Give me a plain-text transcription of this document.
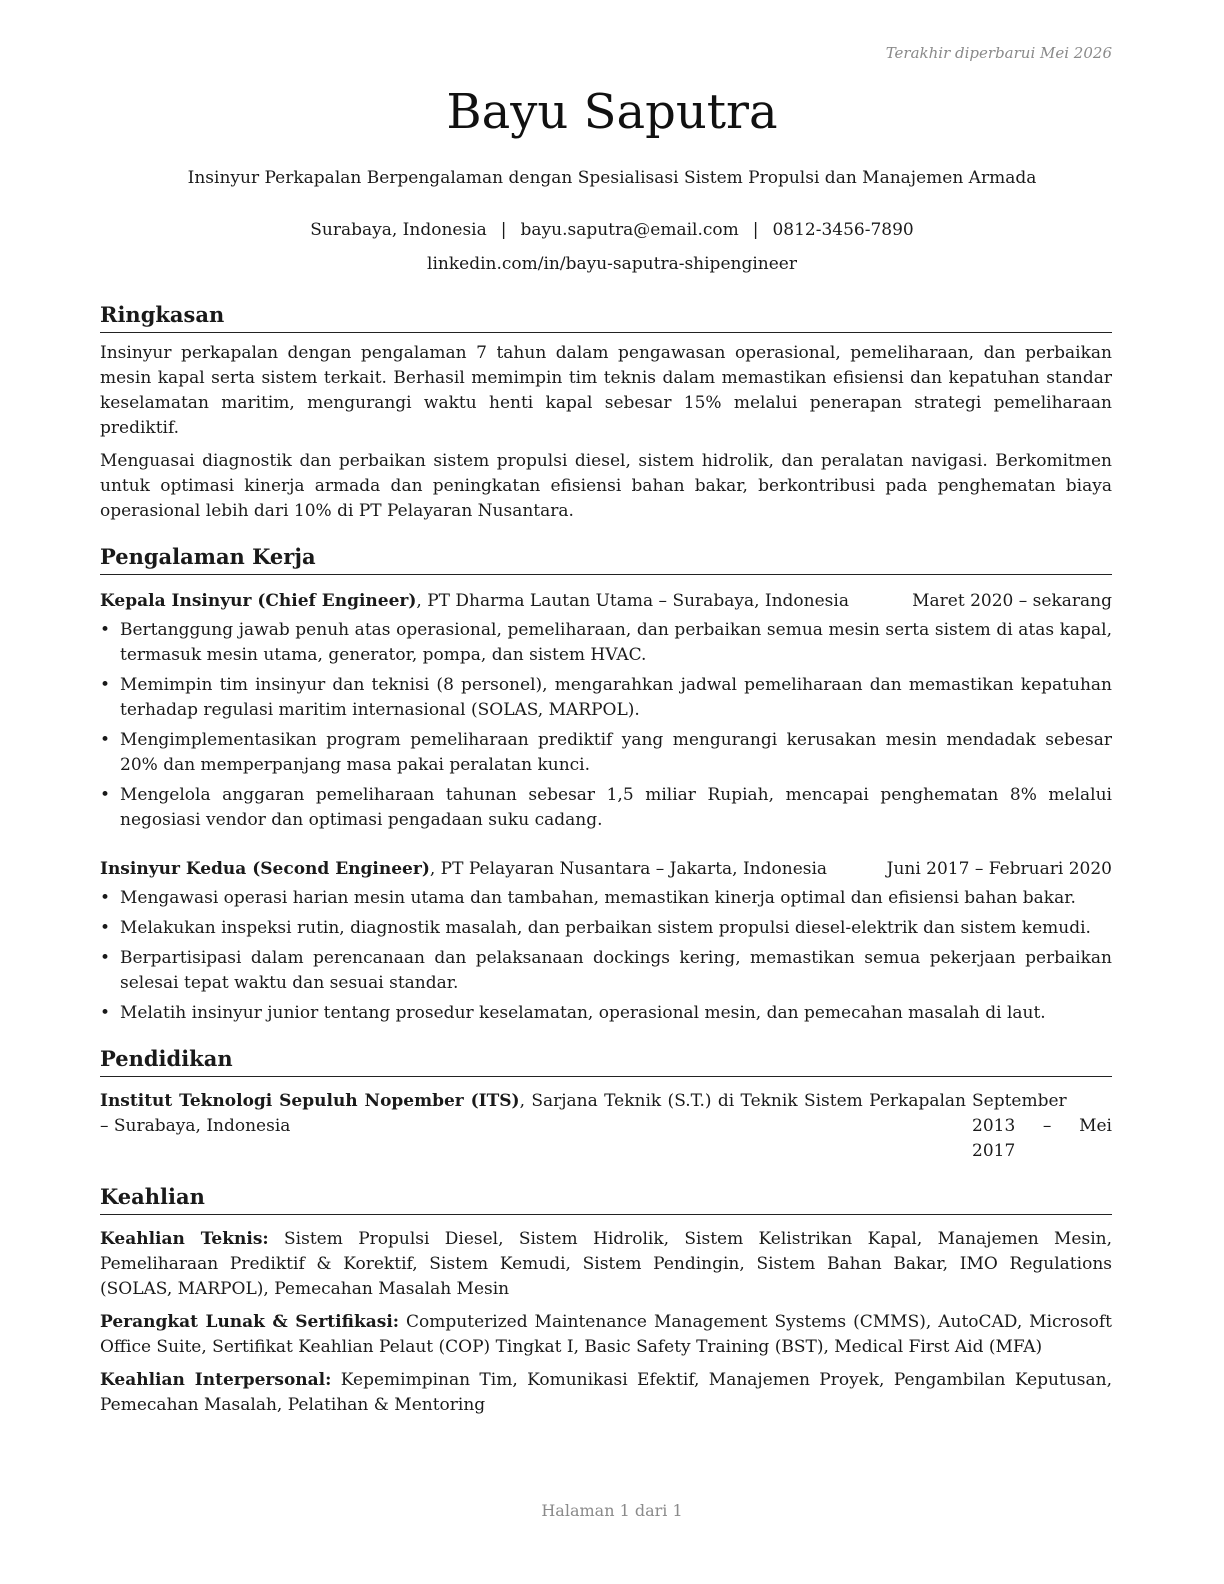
Terakhir diperbarui Mei 2026
Bayu Saputra
Insinyur Perkapalan Berpengalaman dengan Spesialisasi Sistem Propulsi dan Manajemen Armada
Surabaya, Indonesia | bayu.saputra@email.com | 0812-3456-7890
linkedin.com/in/bayu-saputra-shipengineer
Ringkasan

Insinyur perkapalan dengan pengalaman 7 tahun dalam pengawasan operasional, pemeliharaan, dan perbaikan mesin kapal serta sistem terkait. Berhasil memimpin tim teknis dalam memastikan efisiensi dan kepatuhan standar keselamatan maritim, mengurangi waktu henti kapal sebesar 15% melalui penerapan strategi pemeliharaan prediktif.

Menguasai diagnostik dan perbaikan sistem propulsi diesel, sistem hidrolik, dan peralatan navigasi. Berkomitmen untuk optimasi kinerja armada dan peningkatan efisiensi bahan bakar, berkontribusi pada penghematan biaya operasional lebih dari 10% di PT Pelayaran Nusantara.

Pengalaman Kerja
Kepala Insinyur (Chief Engineer), PT Dharma Lautan Utama – Surabaya, Indonesia	Maret 2020 – sekarang
• Bertanggung jawab penuh atas operasional, pemeliharaan, dan perbaikan semua mesin serta sistem di atas kapal, termasuk mesin utama, generator, pompa, dan sistem HVAC.
• Memimpin tim insinyur dan teknisi (8 personel), mengarahkan jadwal pemeliharaan dan memastikan kepatuhan terhadap regulasi maritim internasional (SOLAS, MARPOL).
• Mengimplementasikan program pemeliharaan prediktif yang mengurangi kerusakan mesin mendadak sebesar 20% dan memperpanjang masa pakai peralatan kunci.
• Mengelola anggaran pemeliharaan tahunan sebesar 1,5 miliar Rupiah, mencapai penghematan 8% melalui negosiasi vendor dan optimasi pengadaan suku cadang.
Insinyur Kedua (Second Engineer), PT Pelayaran Nusantara – Jakarta, Indonesia	Juni 2017 – Februari 2020
• Mengawasi operasi harian mesin utama dan tambahan, memastikan kinerja optimal dan efisiensi bahan bakar.
• Melakukan inspeksi rutin, diagnostik masalah, dan perbaikan sistem propulsi diesel-elektrik dan sistem kemudi.
• Berpartisipasi dalam perencanaan dan pelaksanaan dockings kering, memastikan semua pekerjaan perbaikan selesai tepat waktu dan sesuai standar.
• Melatih insinyur junior tentang prosedur keselamatan, operasional mesin, dan pemecahan masalah di laut.
Pendidikan
Institut Teknologi Sepuluh Nopember (ITS), Sarjana Teknik (S.T.) di Teknik Sistem Perkapalan – Surabaya, Indonesia
September 2013 – Mei 2017
Keahlian

Keahlian Teknis: Sistem Propulsi Diesel, Sistem Hidrolik, Sistem Kelistrikan Kapal, Manajemen Mesin, Pemeliharaan Prediktif & Korektif, Sistem Kemudi, Sistem Pendingin, Sistem Bahan Bakar, IMO Regulations (SOLAS, MARPOL), Pemecahan Masalah Mesin

Perangkat Lunak & Sertifikasi: Computerized Maintenance Management Systems (CMMS), AutoCAD, Microsoft Office Suite, Sertifikat Keahlian Pelaut (COP) Tingkat I, Basic Safety Training (BST), Medical First Aid (MFA)

Keahlian Interpersonal: Kepemimpinan Tim, Komunikasi Efektif, Manajemen Proyek, Pengambilan Keputusan, Pemecahan Masalah, Pelatihan & Mentoring

Halaman 1 dari 1
